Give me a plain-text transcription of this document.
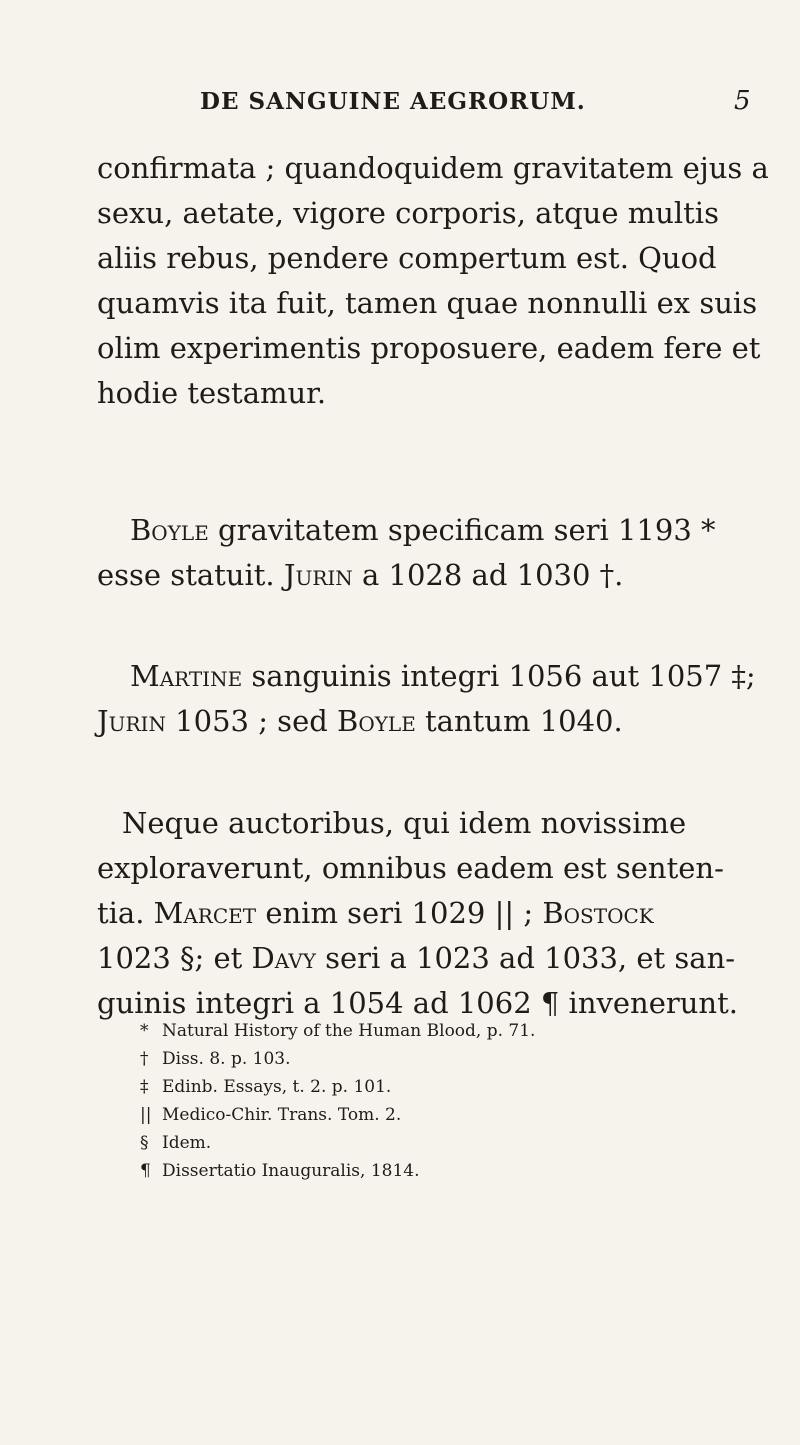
DE SANGUINE AEGRORUM.	5
confirmata ; quandoquidem gravitatem ejus a
sexu, aetate, vigore corporis, atque multis
aliis rebus, pendere compertum est. Quod
quamvis ita fuit, tamen quae nonnulli ex suis
olim experimentis proposuere, eadem fere et
hodie testamur.
Boyle gravitatem specificam seri 1193 *
esse statuit. Jurin a 1028 ad 1030 †.
Martine sanguinis integri 1056 aut 1057 ‡;
Jurin 1053 ; sed Boyle tantum 1040.
Neque auctoribus, qui idem novissime
exploraverunt, omnibus eadem est senten-
tia. Marcet enim seri 1029 || ; Bostock
1023 §; et Davy seri a 1023 ad 1033, et san-
guinis integri a 1054 ad 1062 ¶ invenerunt.
* Natural History of the Human Blood, p. 71.
† Diss. 8. p. 103.
‡ Edinb. Essays, t. 2. p. 101.
|| Medico-Chir. Trans. Tom. 2.
§ Idem.
¶ Dissertatio Inauguralis, 1814.
